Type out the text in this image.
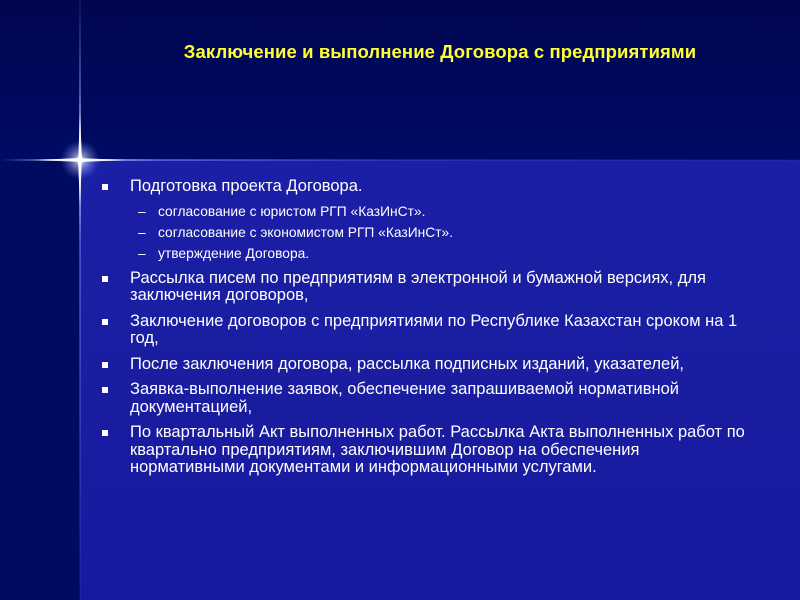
Заключение и выполнение Договора с предприятиями
Подготовка проекта Договора.
– согласование с юристом РГП «КазИнСт».
– согласование с экономистом РГП «КазИнСт».
– утверждение Договора.
Рассылка писем по предприятиям в электронной и бумажной версиях, для заключения договоров,
Заключение договоров с предприятиями по Республике Казахстан сроком на 1 год,
После заключения договора, рассылка подписных изданий, указателей,
Заявка-выполнение заявок, обеспечение запрашиваемой нормативной документацией,
По квартальный Акт выполненных работ. Рассылка Акта выполненных работ по квартально предприятиям, заключившим Договор на обеспечения нормативными документами и информационными услугами.
